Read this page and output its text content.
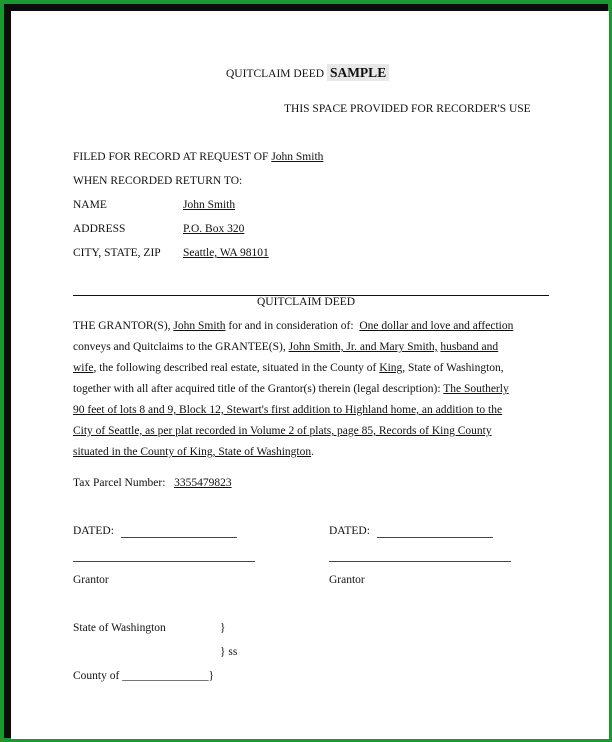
QUITCLAIM DEED SAMPLE
THIS SPACE PROVIDED FOR RECORDER'S USE
FILED FOR RECORD AT REQUEST OF John Smith
WHEN RECORDED RETURN TO:
NAME	John Smith
ADDRESS	P.O. Box 320
CITY, STATE, ZIP Seattle, WA 98101
QUITCLAIM DEED
THE GRANTOR(S), John Smith for and in consideration of: One dollar and love and affection
conveys and Quitclaims to the GRANTEE(S), John Smith, Jr. and Mary Smith, husband and
wife, the following described real estate, situated in the County of King, State of Washington,
together with all after acquired title of the Grantor(s) therein (legal description): The Southerly
90 feet of lots 8 and 9, Block 12, Stewart's first addition to Highland home, an addition to the
City of Seattle, as per plat recorded in Volume 2 of plats, page 85, Records of King County
situated in the County of King, State of Washington.
Tax Parcel Number: 3355479823
DATED:
Grantor
DATED:
Grantor
State of Washington	}
} ss
County of _______________}
